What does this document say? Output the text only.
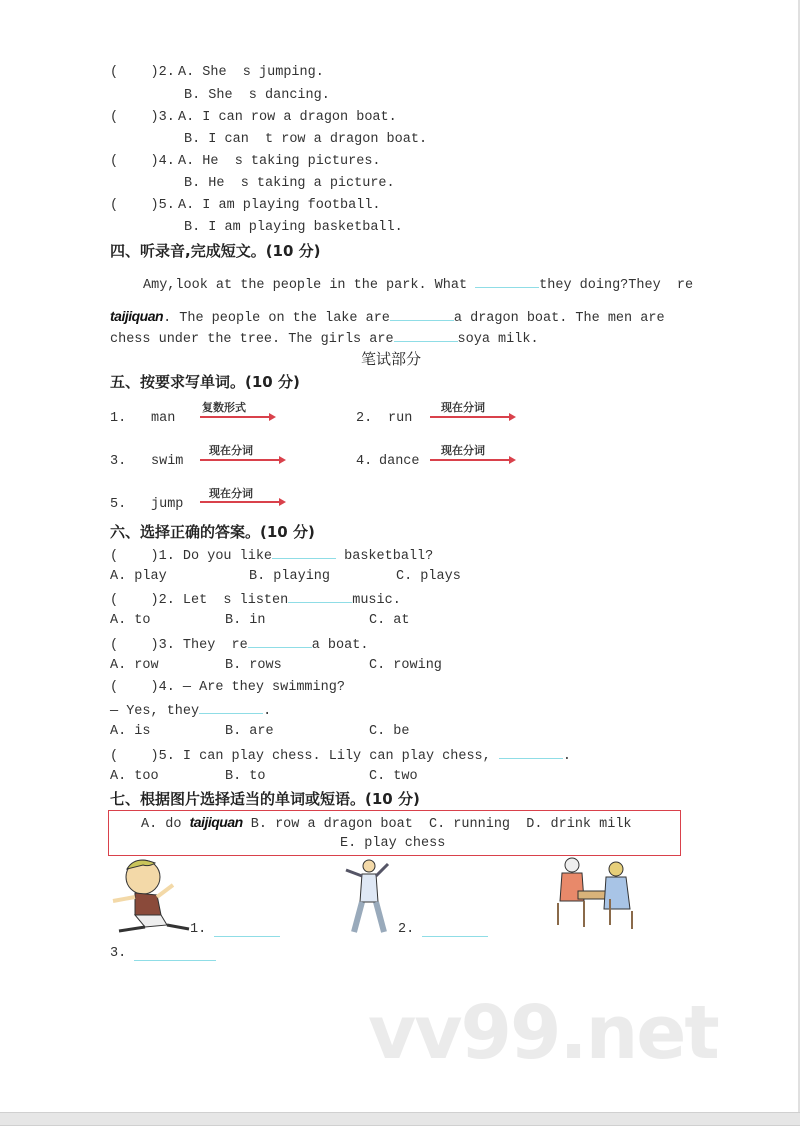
(    )2. A. She  s jumping.
B. She  s dancing.
(    )3. A. I can row a dragon boat.
B. I can  t row a dragon boat.
(    )4. A. He  s taking pictures.
B. He  s taking a picture.
(    )5. A. I am playing football.
B. I am playing basketball.
四、听录音,完成短文。(10 分)
Amy,look at the people in the park. What	they doing?They  re
taijiquan. The people on the lake are	a dragon boat. The men are
chess under the tree. The girls are	soya milk.
笔试部分
五、按要求写单词。(10 分)
1. man
复数形式
2. run
现在分词
3. swim
现在分词
4. dance
现在分词
5. jump
现在分词
六、选择正确的答案。(10 分)
(    )1. Do you like	basketball?
A. play	B. playing	C. plays
(    )2. Let  s listen	music.
A. to	B. in	C. at
(    )3. They  re	a boat.
A. row	B. rows	C. rowing
(    )4. — Are they swimming?
— Yes, they	.
A. is	B. are	C. be
(    )5. I can play chess. Lily can play chess,	.
A. too	B. to	C. two
七、根据图片选择适当的单词或短语。(10 分)
A. do taijiquan B. row a dragon boat  C. running  D. drink milk
E. play chess
1.	2.
3.
vv99.net
